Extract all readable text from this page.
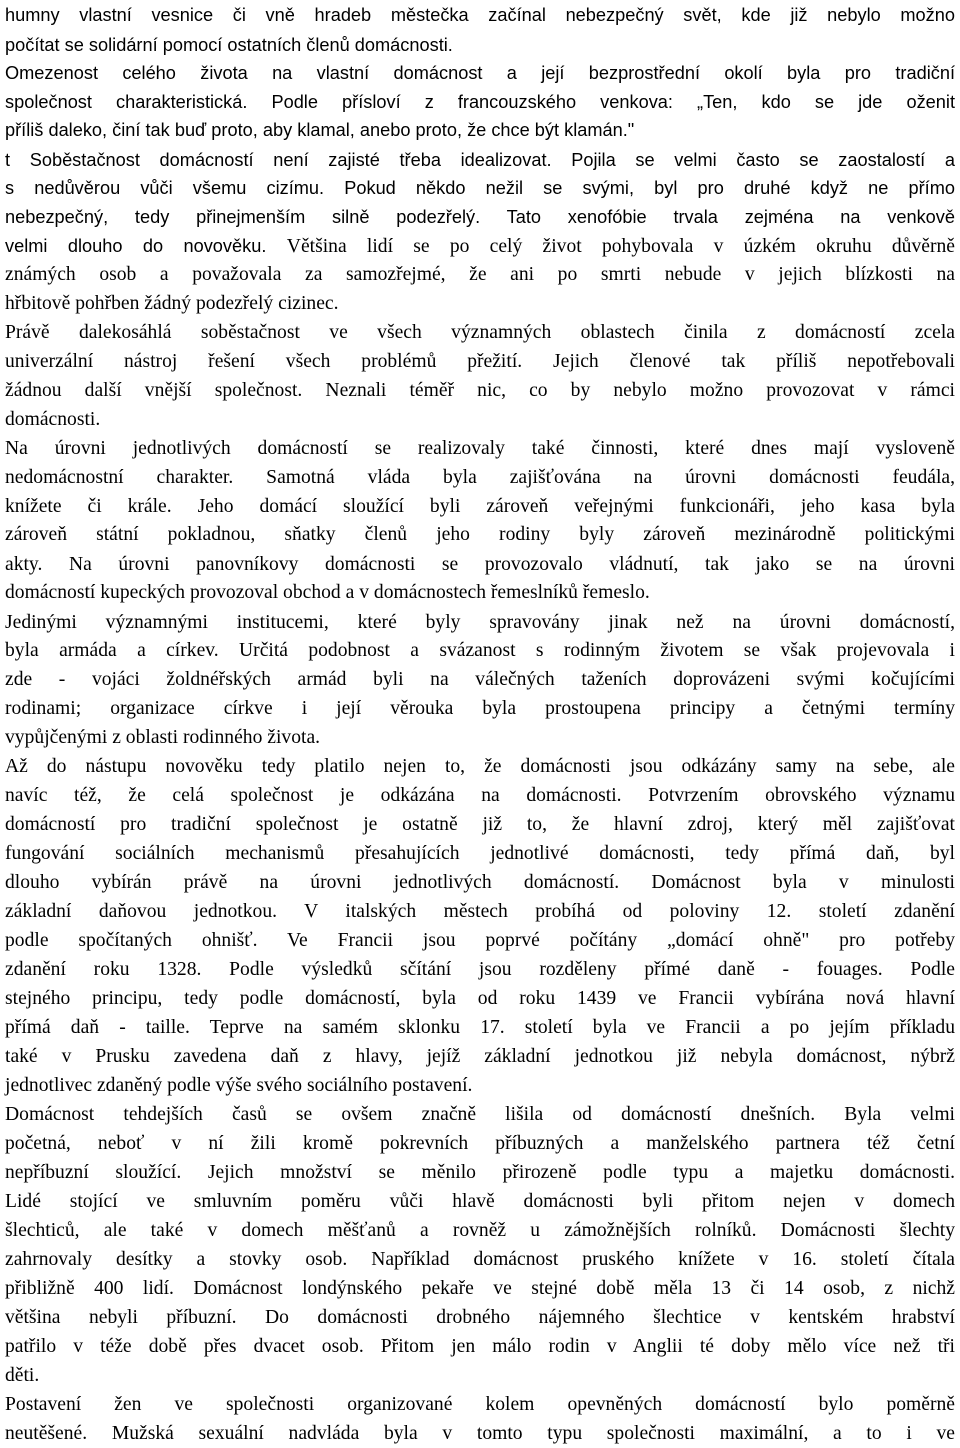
humny vlastní vesnice či vně hradeb městečka začínal nebezpečný svět, kde již nebylo možno
počítat se solidární pomocí ostatních členů domácnosti.
Omezenost celého života na vlastní domácnost a její bezprostřední okolí byla pro tradiční
společnost charakteristická. Podle přísloví z francouzského venkova: „Ten, kdo se jde oženit
příliš daleko, činí tak buď proto, aby klamal, anebo proto, že chce být klamán."
t Soběstačnost domácností není zajisté třeba idealizovat. Pojila se velmi často se zaostalostí a
s nedůvěrou vůči všemu cizímu. Pokud někdo nežil se svými, byl pro druhé když ne přímo
nebezpečný, tedy přinejmenším silně podezřelý. Tato xenofóbie trvala zejména na venkově
velmi dlouho do novověku. Většina lidí se po celý život pohybovala v úzkém okruhu důvěrně
známých osob a považovala za samozřejmé, že ani po smrti nebude v jejich blízkosti na
hřbitově pohřben žádný podezřelý cizinec.
Právě dalekosáhlá soběstačnost ve všech významných oblastech činila z domácností zcela
univerzální nástroj řešení všech problémů přežití. Jejich členové tak příliš nepotřebovali
žádnou další vnější společnost. Neznali téměř nic, co by nebylo možno provozovat v rámci
domácnosti.
Na úrovni jednotlivých domácností se realizovaly také činnosti, které dnes mají vysloveně
nedomácnostní charakter. Samotná vláda byla zajišťována na úrovni domácnosti feudála,
knížete či krále. Jeho domácí sloužící byli zároveň veřejnými funkcionáři, jeho kasa byla
zároveň státní pokladnou, sňatky členů jeho rodiny byly zároveň mezinárodně politickými
akty. Na úrovni panovníkovy domácnosti se provozovalo vládnutí, tak jako se na úrovni
domácností kupeckých provozoval obchod a v domácnostech řemeslníků řemeslo.
Jedinými významnými institucemi, které byly spravovány jinak než na úrovni domácností,
byla armáda a církev. Určitá podobnost a svázanost s rodinným životem se však projevovala i
zde - vojáci žoldnéřských armád byli na válečných taženích doprovázeni svými kočujícími
rodinami; organizace církve i její věrouka byla prostoupena principy a četnými termíny
vypůjčenými z oblasti rodinného života.
Až do nástupu novověku tedy platilo nejen to, že domácnosti jsou odkázány samy na sebe, ale
navíc též, že celá společnost je odkázána na domácnosti. Potvrzením obrovského významu
domácností pro tradiční společnost je ostatně již to, že hlavní zdroj, který měl zajišťovat
fungování sociálních mechanismů přesahujících jednotlivé domácnosti, tedy přímá daň, byl
dlouho vybírán právě na úrovni jednotlivých domácností. Domácnost byla v minulosti
základní daňovou jednotkou. V italských městech probíhá od poloviny 12. století zdanění
podle spočítaných ohnišť. Ve Francii jsou poprvé počítány „domácí ohně" pro potřeby
zdanění roku 1328. Podle výsledků sčítání jsou rozděleny přímé daně - fouages. Podle
stejného principu, tedy podle domácností, byla od roku 1439 ve Francii vybírána nová hlavní
přímá daň - taille. Teprve na samém sklonku 17. století byla ve Francii a po jejím příkladu
také v Prusku zavedena daň z hlavy, jejíž základní jednotkou již nebyla domácnost, nýbrž
jednotlivec zdaněný podle výše svého sociálního postavení.
Domácnost tehdejších časů se ovšem značně lišila od domácností dnešních. Byla velmi
početná, neboť v ní žili kromě pokrevních příbuzných a manželského partnera též četní
nepříbuzní sloužící. Jejich množství se měnilo přirozeně podle typu a majetku domácnosti.
Lidé stojící ve smluvním poměru vůči hlavě domácnosti byli přitom nejen v domech
šlechticů, ale také v domech měšťanů a rovněž u zámožnějších rolníků. Domácnosti šlechty
zahrnovaly desítky a stovky osob. Například domácnost pruského knížete v 16. století čítala
přibližně 400 lidí. Domácnost londýnského pekaře ve stejné době měla 13 či 14 osob, z nichž
většina nebyli příbuzní. Do domácnosti drobného nájemného šlechtice v kentském hrabství
patřilo v téže době přes dvacet osob. Přitom jen málo rodin v Anglii té doby mělo více než tři
děti.
Postavení žen ve společnosti organizované kolem opevněných domácností bylo poměrně
neutěšené. Mužská sexuální nadvláda byla v tomto typu společnosti maximální, a to i ve
